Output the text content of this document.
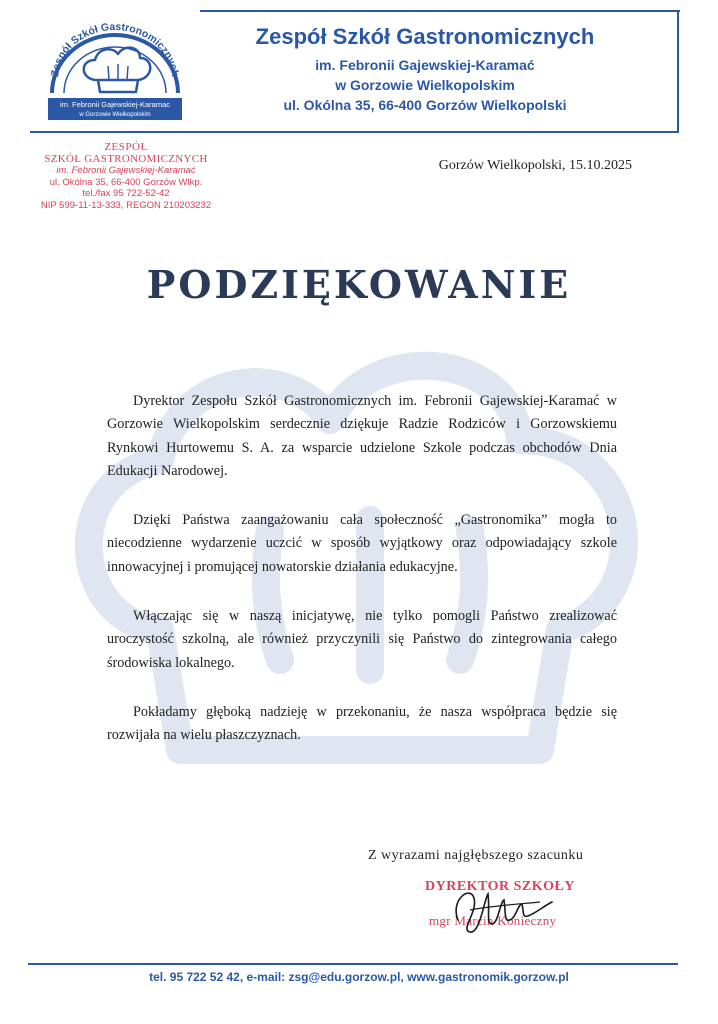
Zespół Szkół Gastronomicznych
im. Febronii Gajewskiej-Karamac
w Gorzowie Wielkopolskim
Zespół Szkół Gastronomicznych
im. Febronii Gajewskiej-Karamać
w Gorzowie Wielkopolskim
ul. Okólna 35, 66-400 Gorzów Wielkopolski
ZESPÓŁ
SZKÓŁ GASTRONOMICZNYCH
im. Febronii Gajewskiej-Karamać
ul. Okólna 35, 66-400 Gorzów Wlkp.
tel./fax 95 722-52-42
NIP 599-11-13-333, REGON 210203232
Gorzów Wielkopolski, 15.10.2025
PODZIĘKOWANIE

Dyrektor Zespołu Szkół Gastronomicznych im. Febronii Gajewskiej-Karamać w Gorzowie Wielkopolskim serdecznie dziękuje Radzie Rodziców i Gorzowskiemu Rynkowi Hurtowemu S. A. za wsparcie udzielone Szkole podczas obchodów Dnia Edukacji Narodowej.

Dzięki Państwa zaangażowaniu cała społeczność „Gastronomika” mogła to niecodzienne wydarzenie uczcić w sposób wyjątkowy oraz odpowiadający szkole innowacyjnej i promującej nowatorskie działania edukacyjne.

Włączając się w naszą inicjatywę, nie tylko pomogli Państwo zrealizować uroczystość szkolną, ale również przyczynili się Państwo do zintegrowania całego środowiska lokalnego.

Pokładamy głęboką nadzieję w przekonaniu, że nasza współpraca będzie się rozwijała na wielu płaszczyznach.

Z wyrazami najgłębszego szacunku
DYREKTOR SZKOŁY
mgr Marcin Konieczny
tel. 95 722 52 42, e-mail: zsg@edu.gorzow.pl, www.gastronomik.gorzow.pl
